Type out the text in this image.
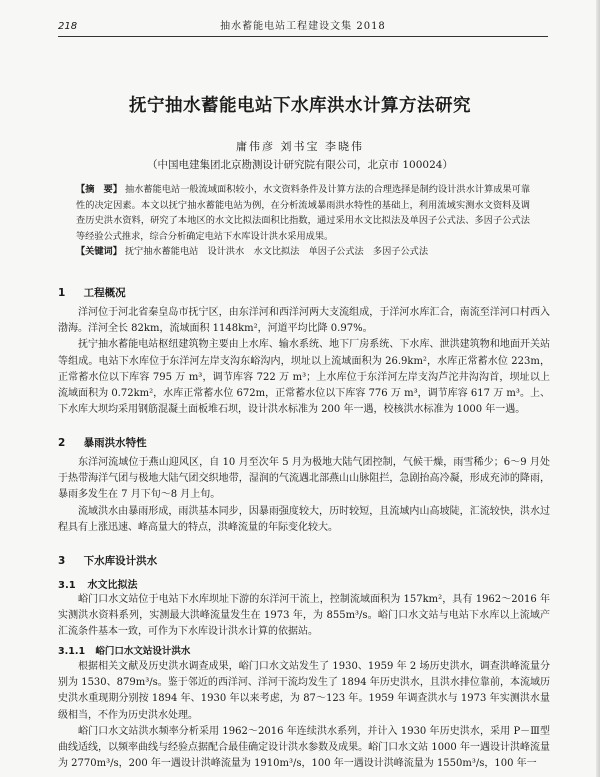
218	抽水蓄能电站工程建设文集 2018
抚宁抽水蓄能电站下水库洪水计算方法研究
庸伟彦 刘书宝 李晓伟
（中国电建集团北京勘测设计研究院有限公司，北京市 100024）

【摘　要】 抽水蓄能电站一般流域面积较小，水文资料条件及计算方法的合理选择是制约设计洪水计算成果可靠性的决定因素。本文以抚宁抽水蓄能电站为例，在分析流域暴雨洪水特性的基础上，利用流域实测水文资料及调查历史洪水资料，研究了本地区的水文比拟法面积比指数，通过采用水文比拟法及单因子公式法、多因子公式法等经验公式推求，综合分析确定电站下水库设计洪水采用成果。

【关键词】 抚宁抽水蓄能电站　设计洪水　水文比拟法　单因子公式法　多因子公式法

1 工程概况

洋河位于河北省秦皇岛市抚宁区，由东洋河和西洋河两大支流组成，于洋河水库汇合，南流至洋河口村西入渤海。洋河全长 82km，流域面积 1148km²，河道平均比降 0.97%。

抚宁抽水蓄能电站枢纽建筑物主要由上水库、输水系统、地下厂房系统、下水库、泄洪建筑物和地面开关站等组成。电站下水库位于东洋河左岸支沟东峪沟内，坝址以上流域面积为 26.9km²，水库正常蓄水位 223m，正常蓄水位以下库容 795 万 m³，调节库容 722 万 m³；上水库位于东洋河左岸支沟芦沱井沟沟首，坝址以上流域面积为 0.72km²，水库正常蓄水位 672m，正常蓄水位以下库容 776 万 m³，调节库容 617 万 m³。上、下水库大坝均采用钢筋混凝土面板堆石坝，设计洪水标准为 200 年一遇，校核洪水标准为 1000 年一遇。

2 暴雨洪水特性

东洋河流域位于燕山迎风区，自 10 月至次年 5 月为极地大陆气团控制，气候干燥，雨雪稀少；6～9 月处于热带海洋气团与极地大陆气团交织地带，湿润的气流遇北部燕山山脉阻拦，急剧抬高冷凝，形成充沛的降雨，暴雨多发生在 7 月下旬～8 月上旬。

流域洪水由暴雨形成，雨洪基本同步，因暴雨强度较大，历时较短，且流域内山高坡陡，汇流较快，洪水过程具有上涨迅速、峰高量大的特点，洪峰流量的年际变化较大。

3 下水库设计洪水
3.1 水文比拟法

峪门口水文站位于电站下水库坝址下游的东洋河干流上，控制流域面积为 157km²，具有 1962～2016 年实测洪水资料系列，实测最大洪峰流量发生在 1973 年，为 855m³/s。峪门口水文站与电站下水库以上流域产汇流条件基本一致，可作为下水库设计洪水计算的依据站。

3.1.1 峪门口水文站设计洪水

根据相关文献及历史洪水调查成果，峪门口水文站发生了 1930、1959 年 2 场历史洪水，调查洪峰流量分别为 1530、879m³/s。鉴于邻近的西洋河、洋河干流均发生了 1894 年历史洪水，且洪水排位靠前，本流域历史洪水重现期分别按 1894 年、1930 年以来考虑，为 87～123 年。1959 年调查洪水与 1973 年实测洪水量级相当，不作为历史洪水处理。

峪门口水文站洪水频率分析采用 1962～2016 年连续洪水系列，并计入 1930 年历史洪水，采用 P－Ⅲ型曲线适线，以频率曲线与经验点据配合最佳确定设计洪水参数及成果。峪门口水文站 1000 年一遇设计洪峰流量为 2770m³/s，200 年一遇设计洪峰流量为 1910m³/s，100 年一遇设计洪峰流量为 1550m³/s，100 年一
